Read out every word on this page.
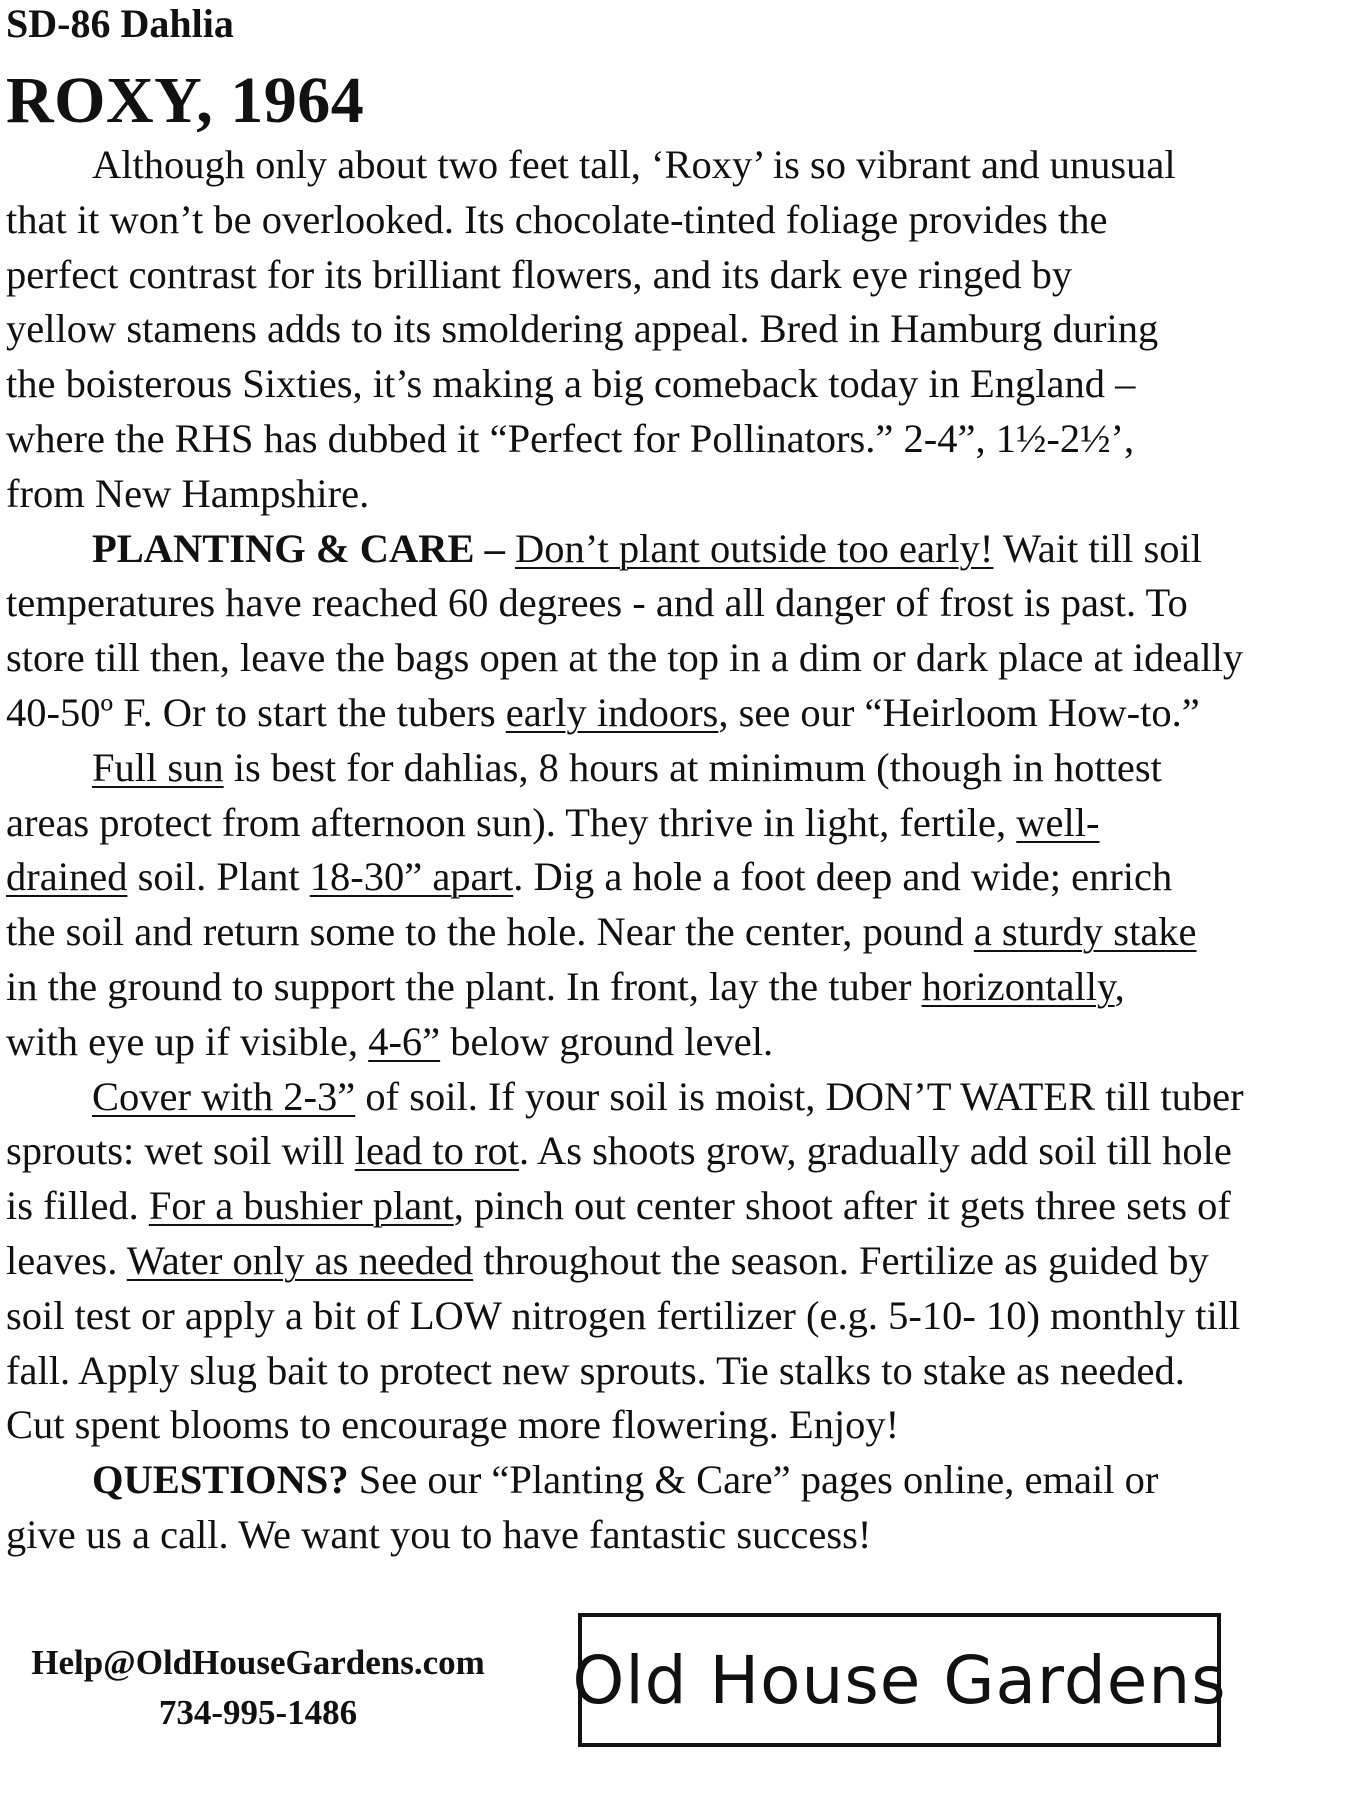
SD-86 Dahlia
ROXY, 1964
Although only about two feet tall, ‘Roxy’ is so vibrant and unusual
that it won’t be overlooked. Its chocolate-tinted foliage provides the
perfect contrast for its brilliant flowers, and its dark eye ringed by
yellow stamens adds to its smoldering appeal. Bred in Hamburg during
the boisterous Sixties, it’s making a big comeback today in England –
where the RHS has dubbed it “Perfect for Pollinators.” 2-4”, 1½-2½’,
from New Hampshire.
PLANTING & CARE – Don’t plant outside too early! Wait till soil
temperatures have reached 60 degrees - and all danger of frost is past. To
store till then, leave the bags open at the top in a dim or dark place at ideally
40-50º F. Or to start the tubers early indoors, see our “Heirloom How-to.”
Full sun is best for dahlias, 8 hours at minimum (though in hottest
areas protect from afternoon sun). They thrive in light, fertile, well-
drained soil. Plant 18-30” apart. Dig a hole a foot deep and wide; enrich
the soil and return some to the hole. Near the center, pound a sturdy stake
in the ground to support the plant. In front, lay the tuber horizontally,
with eye up if visible, 4-6” below ground level.
Cover with 2-3” of soil. If your soil is moist, DON’T WATER till tuber
sprouts: wet soil will lead to rot. As shoots grow, gradually add soil till hole
is filled. For a bushier plant, pinch out center shoot after it gets three sets of
leaves. Water only as needed throughout the season. Fertilize as guided by
soil test or apply a bit of LOW nitrogen fertilizer (e.g. 5-10- 10) monthly till
fall. Apply slug bait to protect new sprouts. Tie stalks to stake as needed.
Cut spent blooms to encourage more flowering. Enjoy!
QUESTIONS? See our “Planting & Care” pages online, email or
give us a call. We want you to have fantastic success!
Help@OldHouseGardens.com
734-995-1486	Old House Gardens
